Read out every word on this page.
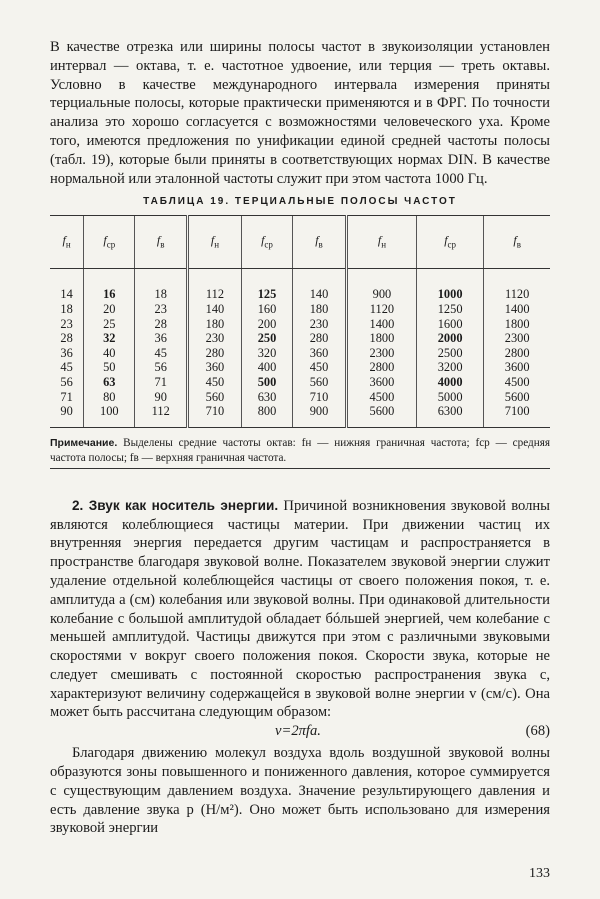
В качестве отрезка или ширины полосы частот в звукоизоляции установлен интервал — октава, т. е. частотное удвоение, или терция — треть октавы. Условно в качестве международного интервала измерения приняты терциальные полосы, которые практически применяются и в ФРГ. По точности анализа это хорошо согласуется с возможностями человеческого уха. Кроме того, имеются предложения по унификации единой средней частоты полосы (табл. 19), которые были приняты в соответствующих нормах DIN. В качестве нормальной или эталонной частоты служит при этом частота 1000 Гц.

ТАБЛИЦА 19. ТЕРЦИАЛЬНЫЕ ПОЛОСЫ ЧАСТОТ
$f_н$	$f_{ср}$	$f_в$	$f_н$	$f_{ср}$	$f_в$	$f_н$	$f_{ср}$	$f_в$
14	16	18	112	125	140	900	1000	1120
18	20	23	140	160	180	1120	1250	1400
23	25	28	180	200	230	1400	1600	1800
28	32	36	230	250	280	1800	2000	2300
36	40	45	280	320	360	2300	2500	2800
45	50	56	360	400	450	2800	3200	3600
56	63	71	450	500	560	3600	4000	4500
71	80	90	560	630	710	4500	5000	5600
90	100	112	710	800	900	5600	6300	7100

Примечание. Выделены средние частоты октав: fн — нижняя граничная частота; fср — средняя частота полосы; fв — верхняя граничная частота.

2. Звук как носитель энергии. Причиной возникновения звуковой волны являются колеблющиеся частицы материи. При движении частиц их внутренняя энергия передается другим частицам и распространяется в пространстве благодаря звуковой волне. Показателем звуковой энергии служит удаление отдельной колеблющейся частицы от своего положения покоя, т. е. амплитуда a (см) колебания или звуковой волны. При одинаковой длительности колебание с большой амплитудой обладает бóльшей энергией, чем колебание с меньшей амплитудой. Частицы движутся при этом с различными звуковыми скоростями v вокруг своего положения покоя. Скорости звука, которые не следует смешивать с постоянной скоростью распространения звука c, характеризуют величину содержащейся в звуковой волне энергии v (см/с). Она может быть рассчитана следующим образом:

v=2πfa.	(68)

Благодаря движению молекул воздуха вдоль воздушной звуковой волны образуются зоны повышенного и пониженного давления, которое суммируется с существующим давлением воздуха. Значение результирующего давления и есть давление звука p (Н/м²). Оно может быть использовано для измерения звуковой энергии

133
